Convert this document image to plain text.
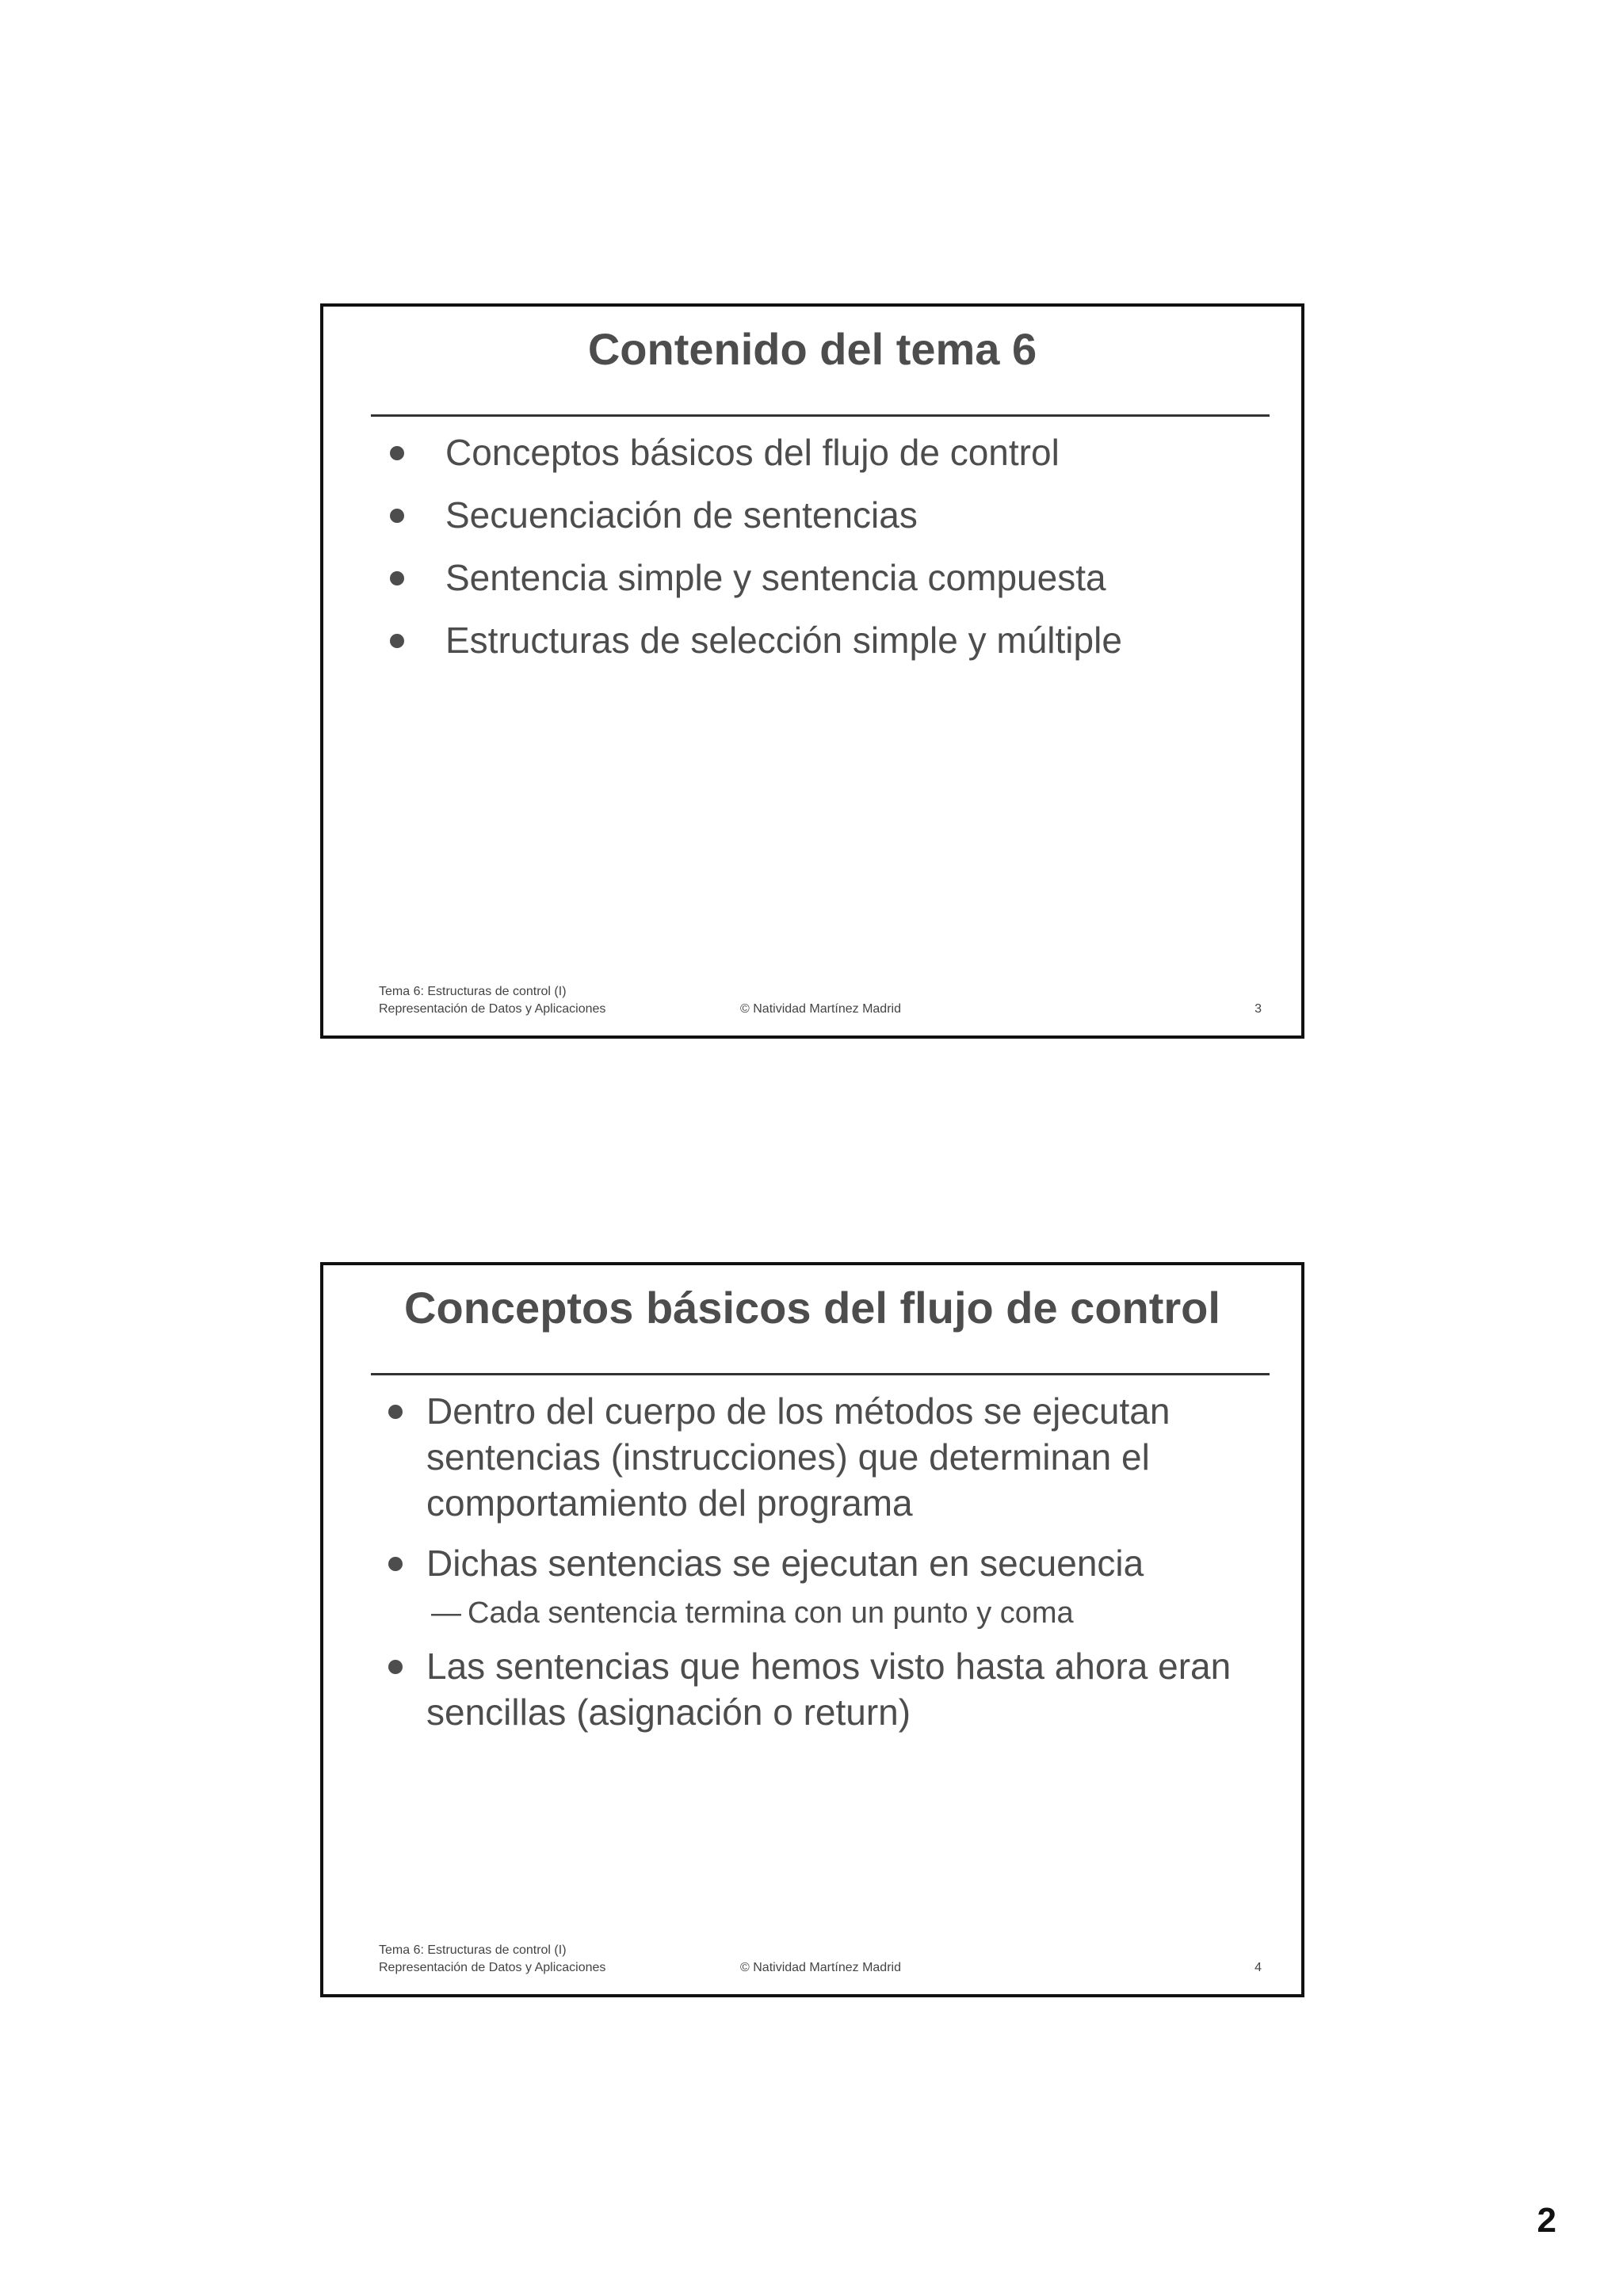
Contenido del tema 6
Conceptos básicos del flujo de control
Secuenciación de sentencias
Sentencia simple y sentencia compuesta
Estructuras de selección simple y múltiple
Tema 6: Estructuras de control (I)
Representación de Datos y Aplicaciones	© Natividad Martínez Madrid	3
Conceptos básicos del flujo de control
Dentro del cuerpo de los métodos se ejecutan sentencias (instrucciones) que determinan el comportamiento del programa
Dichas sentencias se ejecutan en secuencia
— Cada sentencia termina con un punto y coma
Las sentencias que hemos visto hasta ahora eran sencillas (asignación o return)
Tema 6: Estructuras de control (I)
Representación de Datos y Aplicaciones	© Natividad Martínez Madrid	4
2
